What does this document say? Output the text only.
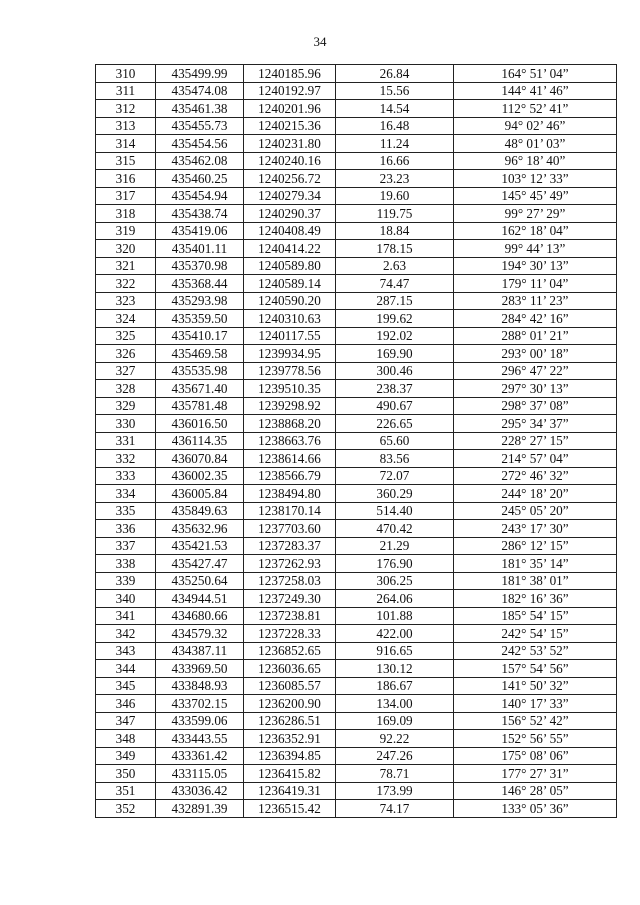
34
310	435499.99	1240185.96	26.84	164° 51’ 04”
311	435474.08	1240192.97	15.56	144° 41’ 46”
312	435461.38	1240201.96	14.54	112° 52’ 41”
313	435455.73	1240215.36	16.48	94° 02’ 46”
314	435454.56	1240231.80	11.24	48° 01’ 03”
315	435462.08	1240240.16	16.66	96° 18’ 40”
316	435460.25	1240256.72	23.23	103° 12’ 33”
317	435454.94	1240279.34	19.60	145° 45’ 49”
318	435438.74	1240290.37	119.75	99° 27’ 29”
319	435419.06	1240408.49	18.84	162° 18’ 04”
320	435401.11	1240414.22	178.15	99° 44’ 13”
321	435370.98	1240589.80	2.63	194° 30’ 13”
322	435368.44	1240589.14	74.47	179° 11’ 04”
323	435293.98	1240590.20	287.15	283° 11’ 23”
324	435359.50	1240310.63	199.62	284° 42’ 16”
325	435410.17	1240117.55	192.02	288° 01’ 21”
326	435469.58	1239934.95	169.90	293° 00’ 18”
327	435535.98	1239778.56	300.46	296° 47’ 22”
328	435671.40	1239510.35	238.37	297° 30’ 13”
329	435781.48	1239298.92	490.67	298° 37’ 08”
330	436016.50	1238868.20	226.65	295° 34’ 37”
331	436114.35	1238663.76	65.60	228° 27’ 15”
332	436070.84	1238614.66	83.56	214° 57’ 04”
333	436002.35	1238566.79	72.07	272° 46’ 32”
334	436005.84	1238494.80	360.29	244° 18’ 20”
335	435849.63	1238170.14	514.40	245° 05’ 20”
336	435632.96	1237703.60	470.42	243° 17’ 30”
337	435421.53	1237283.37	21.29	286° 12’ 15”
338	435427.47	1237262.93	176.90	181° 35’ 14”
339	435250.64	1237258.03	306.25	181° 38’ 01”
340	434944.51	1237249.30	264.06	182° 16’ 36”
341	434680.66	1237238.81	101.88	185° 54’ 15”
342	434579.32	1237228.33	422.00	242° 54’ 15”
343	434387.11	1236852.65	916.65	242° 53’ 52”
344	433969.50	1236036.65	130.12	157° 54’ 56”
345	433848.93	1236085.57	186.67	141° 50’ 32”
346	433702.15	1236200.90	134.00	140° 17’ 33”
347	433599.06	1236286.51	169.09	156° 52’ 42”
348	433443.55	1236352.91	92.22	152° 56’ 55”
349	433361.42	1236394.85	247.26	175° 08’ 06”
350	433115.05	1236415.82	78.71	177° 27’ 31”
351	433036.42	1236419.31	173.99	146° 28’ 05”
352	432891.39	1236515.42	74.17	133° 05’ 36”
